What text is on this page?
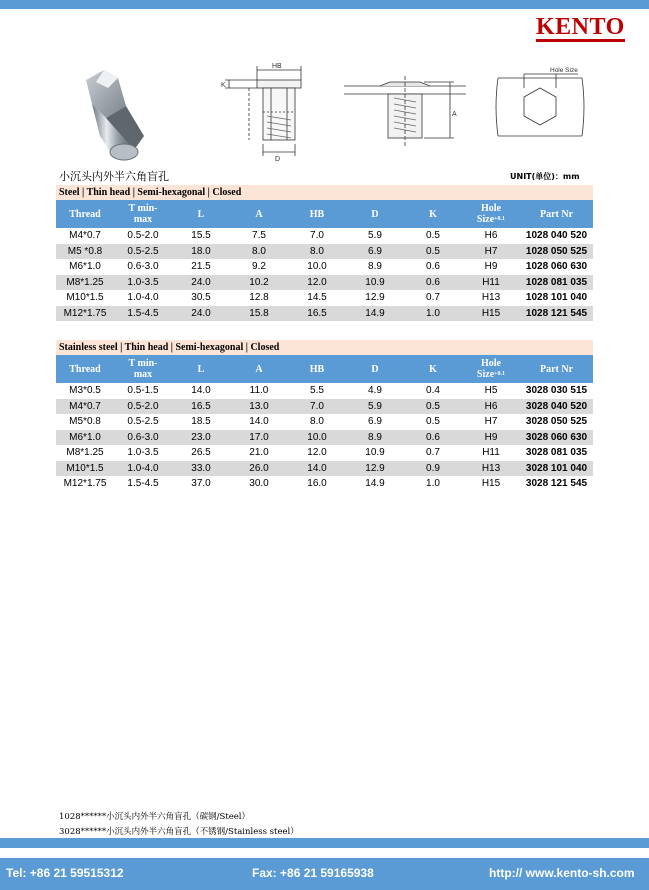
KENTO
HB
K
D
A
Hole Size
小沉头内外半六角盲孔	UNIT(单位)：mm
Steel | Thin head | Semi-hexagonal | Closed
Thread	T min-
max	L	A	HB	D	K	Hole
Size$^{+0.1}$	Part Nr
M4*0.7	0.5-2.0	15.5	7.5	7.0	5.9	0.5	H6	1028 040 520
M5 *0.8	0.5-2.5	18.0	8.0	8.0	6.9	0.5	H7	1028 050 525
M6*1.0	0.6-3.0	21.5	9.2	10.0	8.9	0.6	H9	1028 060 630
M8*1.25	1.0-3.5	24.0	10.2	12.0	10.9	0.6	H11	1028 081 035
M10*1.5	1.0-4.0	30.5	12.8	14.5	12.9	0.7	H13	1028 101 040
M12*1.75	1.5-4.5	24.0	15.8	16.5	14.9	1.0	H15	1028 121 545
Stainless steel | Thin head | Semi-hexagonal | Closed
Thread	T min-
max	L	A	HB	D	K	Hole
Size$^{+0.1}$	Part Nr
M3*0.5	0.5-1.5	14.0	11.0	5.5	4.9	0.4	H5	3028 030 515
M4*0.7	0.5-2.0	16.5	13.0	7.0	5.9	0.5	H6	3028 040 520
M5*0.8	0.5-2.5	18.5	14.0	8.0	6.9	0.5	H7	3028 050 525
M6*1.0	0.6-3.0	23.0	17.0	10.0	8.9	0.6	H9	3028 060 630
M8*1.25	1.0-3.5	26.5	21.0	12.0	10.9	0.7	H11	3028 081 035
M10*1.5	1.0-4.0	33.0	26.0	14.0	12.9	0.9	H13	3028 101 040
M12*1.75	1.5-4.5	37.0	30.0	16.0	14.9	1.0	H15	3028 121 545
1028******小沉头内外半六角盲孔（碳钢/Steel）
3028******小沉头内外半六角盲孔（不锈钢/Stainless steel）
Tel: +86 21 59515312	Fax: +86 21 59165938	http:// www.kento-sh.com
